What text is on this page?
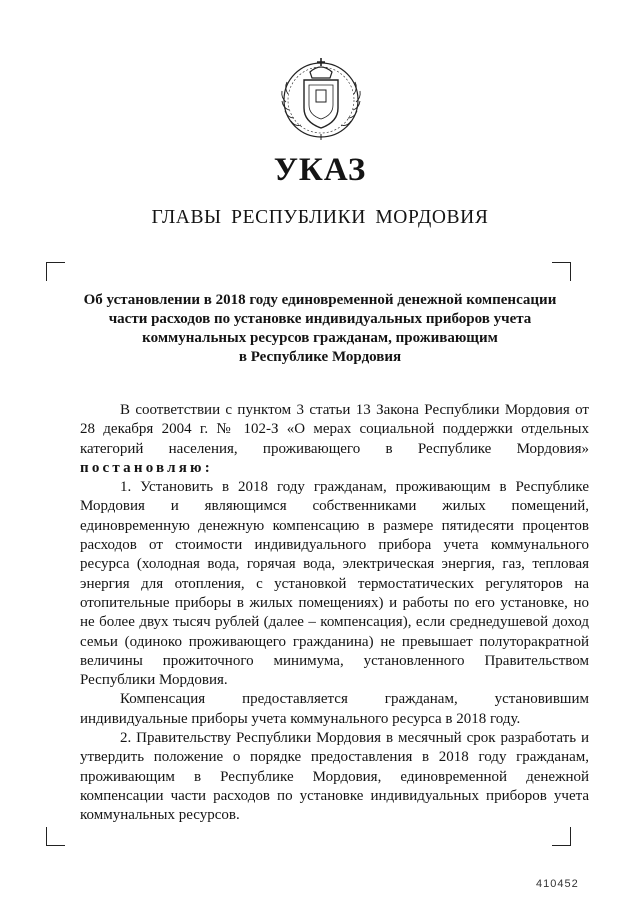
УКАЗ
ГЛАВЫ РЕСПУБЛИКИ МОРДОВИЯ
Об установлении в 2018 году единовременной денежной компенсации
части расходов по установке индивидуальных приборов учета
коммунальных ресурсов гражданам, проживающим
в Республике Мордовия

В соответствии с пунктом 3 статьи 13 Закона Республики Мордовия от 28 декабря 2004 г. № 102-З «О мерах социальной поддержки отдельных категорий населения, проживающего в Республике Мордовия»

постановляю:

1. Установить в 2018 году гражданам, проживающим в Республике Мордовия и являющимся собственниками жилых помещений, единовременную денежную компенсацию в размере пятидесяти процентов расходов от стоимости индивидуального прибора учета коммунального ресурса (холодная вода, горячая вода, электрическая энергия, газ, тепловая энергия для отопления, с установкой термостатических регуляторов на отопительные приборы в жилых помещениях) и работы по его установке, но не более двух тысяч рублей (далее – компенсация), если среднедушевой доход семьи (одиноко проживающего гражданина) не превышает полуторакратной величины прожиточного минимума, установленного Правительством Республики Мордовия.

Компенсация предоставляется гражданам, установившим индивидуальные приборы учета коммунального ресурса в 2018 году.

2. Правительству Республики Мордовия в месячный срок разработать и утвердить положение о порядке предоставления в 2018 году гражданам, проживающим в Республике Мордовия, единовременной денежной компенсации части расходов по установке индивидуальных приборов учета коммунальных ресурсов.

410452
